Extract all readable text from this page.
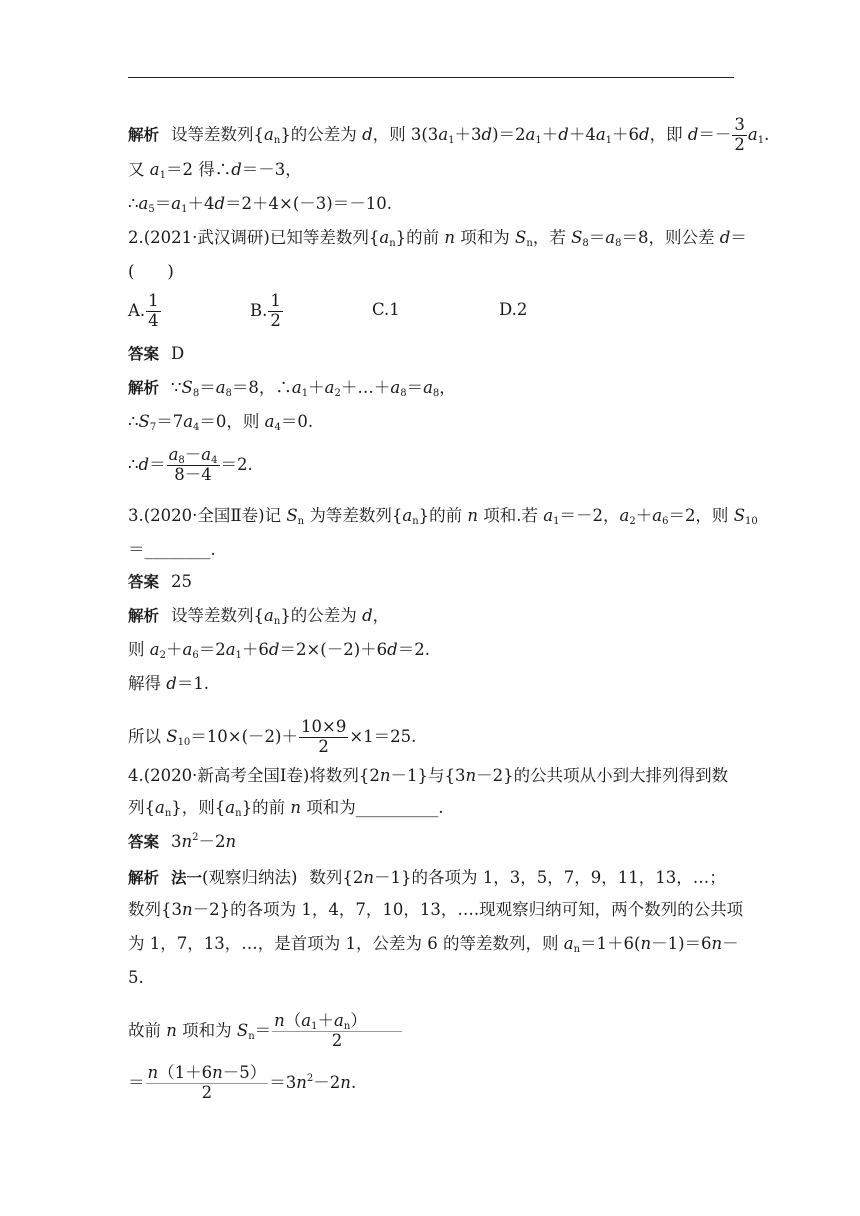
解析 设等差数列$\{a_n\}$的公差为 d，则 $3(3a_1+3d)=2a_1+d+4a_1+6d$，即 $d=- \frac{3}{2} a_1$.
又 $a_1=2$ 得∴d＝－3，
$\therefore a_5=a_1+4d=2+4\times(-3)=-10$.
2.(2021·武汉调研)已知等差数列$\{a_n\}$的前 n 项和为 $S_n$，若 $S_8=a_8=8$，则公差 d＝
(　　)
A. $\frac{1}{4}$	B. $\frac{1}{2}$	C.1	D.2
答案 D
解析 $\because S_8=a_8=8$，$\therefore a_1+a_2+\dots+a_8=a_8$，
$\therefore S_7=7a_4=0$，则 $a_4=0$.
∴d＝ $\frac{a_8-a_4}{8-4} =2$.
3.(2020·全国Ⅱ卷)记 $S_n$ 为等差数列$\{a_n\}$的前 n 项和.若 $a_1=-2$，$a_2+a_6=2$，则 $S_{10}$
＝________.
答案 25
解析 设等差数列$\{a_n\}$的公差为 d，
则 $a_2+a_6=2a_1+6d=2\times(-2)+6d=2$.
解得 d＝1.
所以 $S_{10}=10\times(-2)+ \frac{10\times 9}{2} \times 1=25$.
4.(2020·新高考全国Ⅰ卷)将数列{2n－1}与{3n－2}的公共项从小到大排列得到数
列$\{a_n\}$，则$\{a_n\}$的前 n 项和为__________.
答案 $3n^2-2n$
解析 法一(观察归纳法) 数列{2n－1}的各项为 1，3，5，7，9，11，13，…；
数列{3n－2}的各项为 1，4，7，10，13，….现观察归纳可知，两个数列的公共项
为 1，7，13，…，是首项为 1，公差为 6 的等差数列，则 $a_n=1+6(n-1)=6n-$
5.
故前 n 项和为 $S_n= \frac{n(a_1+a_n)}{2}$
＝ $\frac{n(1+6n-5)}{2} =3n^2-2n$.
